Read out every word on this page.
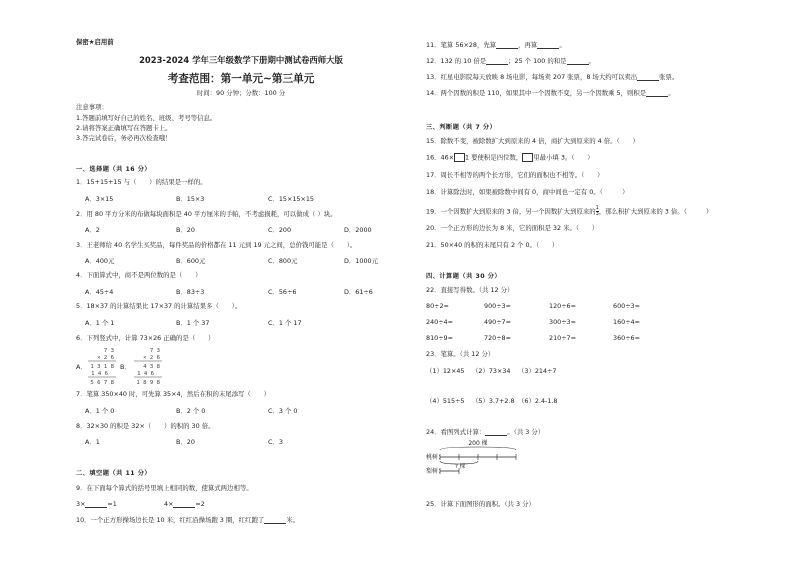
保密★启用前
2023-2024 学年三年级数学下册期中测试卷西师大版
考查范围：第一单元~第三单元
时间：90 分钟；分数：100 分
注意事项：
1.答题前填写好自己的姓名、班级、考号等信息。
2.请将答案正确填写在答题卡上。
3.答完试卷后，务必再次检查哦！
一、选择题（共 16 分）
1．15+15+15 与（　　）的结果是一样的。
A．3×15	B．15×3	C．15×15×15
2．用 80 平方分米的布做每块面积是 40 平方厘米的手帕，不考虑损耗，可以做成（ ）块。
A．2	B．20	C．200	D．2000
3．王老师给 40 名学生买奖品，每件奖品的价格都在 11 元到 19 元之间，总价钱可能是（　　）。
A．400元	B．600元	C．800元	D．1000元
4．下面算式中，商不是两位数的是（　　）
A．45÷4	B．83÷3	C．56÷6	D．61÷6
5．18×37 的计算结果比 17×37 的计算结果多（　　）。
A．1 个 1	B．1 个 37	C．1 个 17
6．下列竖式中，计算 73×26 正确的是（　　）
A．
7 3
× 2 6
1 3 1 8
1 4 6
5 6 7 8
B．
7 3
× 2 6
4 3 8
1 4 6
1 8 9 8
7．笔算 350×40 时，可先算 35×4，然后在积的末尾添写（　　）
A．1 个 0	B．2 个 0	C．3 个 0
8．32×30 的积是 32×（　　）的积的 30 倍。
A．1	B．20	C．3
二、填空题（共 11 分）
9．在下面每个算式的括号里填上相同的数，使算式两边相等。
3×	=1	4×	=2
10．一个正方形操场边长是 10 米，红红沿操场跑 3 圈，红红跑了	米。
11．笔算 56×28，先算	，再算	。
12．132 的 10 倍是	；25 个 100 的和是	。
13．红星电影院每天放映 8 场电影，每场卖 207 张票，8 场大约可以卖出	张票。
14．两个因数的积是 110，如果其中一个因数不变，另一个因数乘 5，则积是	。
三、判断题（共 7 分）
15．除数不变，被除数扩大到原来的 4 倍，商扩大到原来的 4 倍。（　　）
16．46× 1 要使积是四位数， 里最小填 3。（　　）
17．周长不相等的两个长方形，它们的面积也不相等。（　　）
18．计算除法时，如果被除数中间有 0，商中间也一定有 0。（　　　）
19．一个因数扩大到原来的 3 倍，另一个因数扩大到原来的 $\frac{1}{3}$ ，那么积扩大到原来的 3 倍。（　　　）
20．一个正方形的边长为 8 米，它的面积是 32 米。（　　）
21．50×40 的积的末尾只有 2 个 0。（　　）
四、计算题（共 30 分）
22．直接写得数。（共 12 分）
80÷2=	900÷3=	120÷6=	600÷3=
240÷4=	490÷7=	300÷3=	160÷4=
810÷9=	720÷8=	210÷7=	360÷6=
23．笔算。（共 12 分）
（1）12×45 （2）73×34 （3）214÷7
（4）515÷5 （5）3.7+2.8 （6）2.4-1.8
24．看图列式计算：	。（共 3 分）
200 棵
桃树：
? 棵
梨树：
25．计算下面图形的面积。（共 3 分）
